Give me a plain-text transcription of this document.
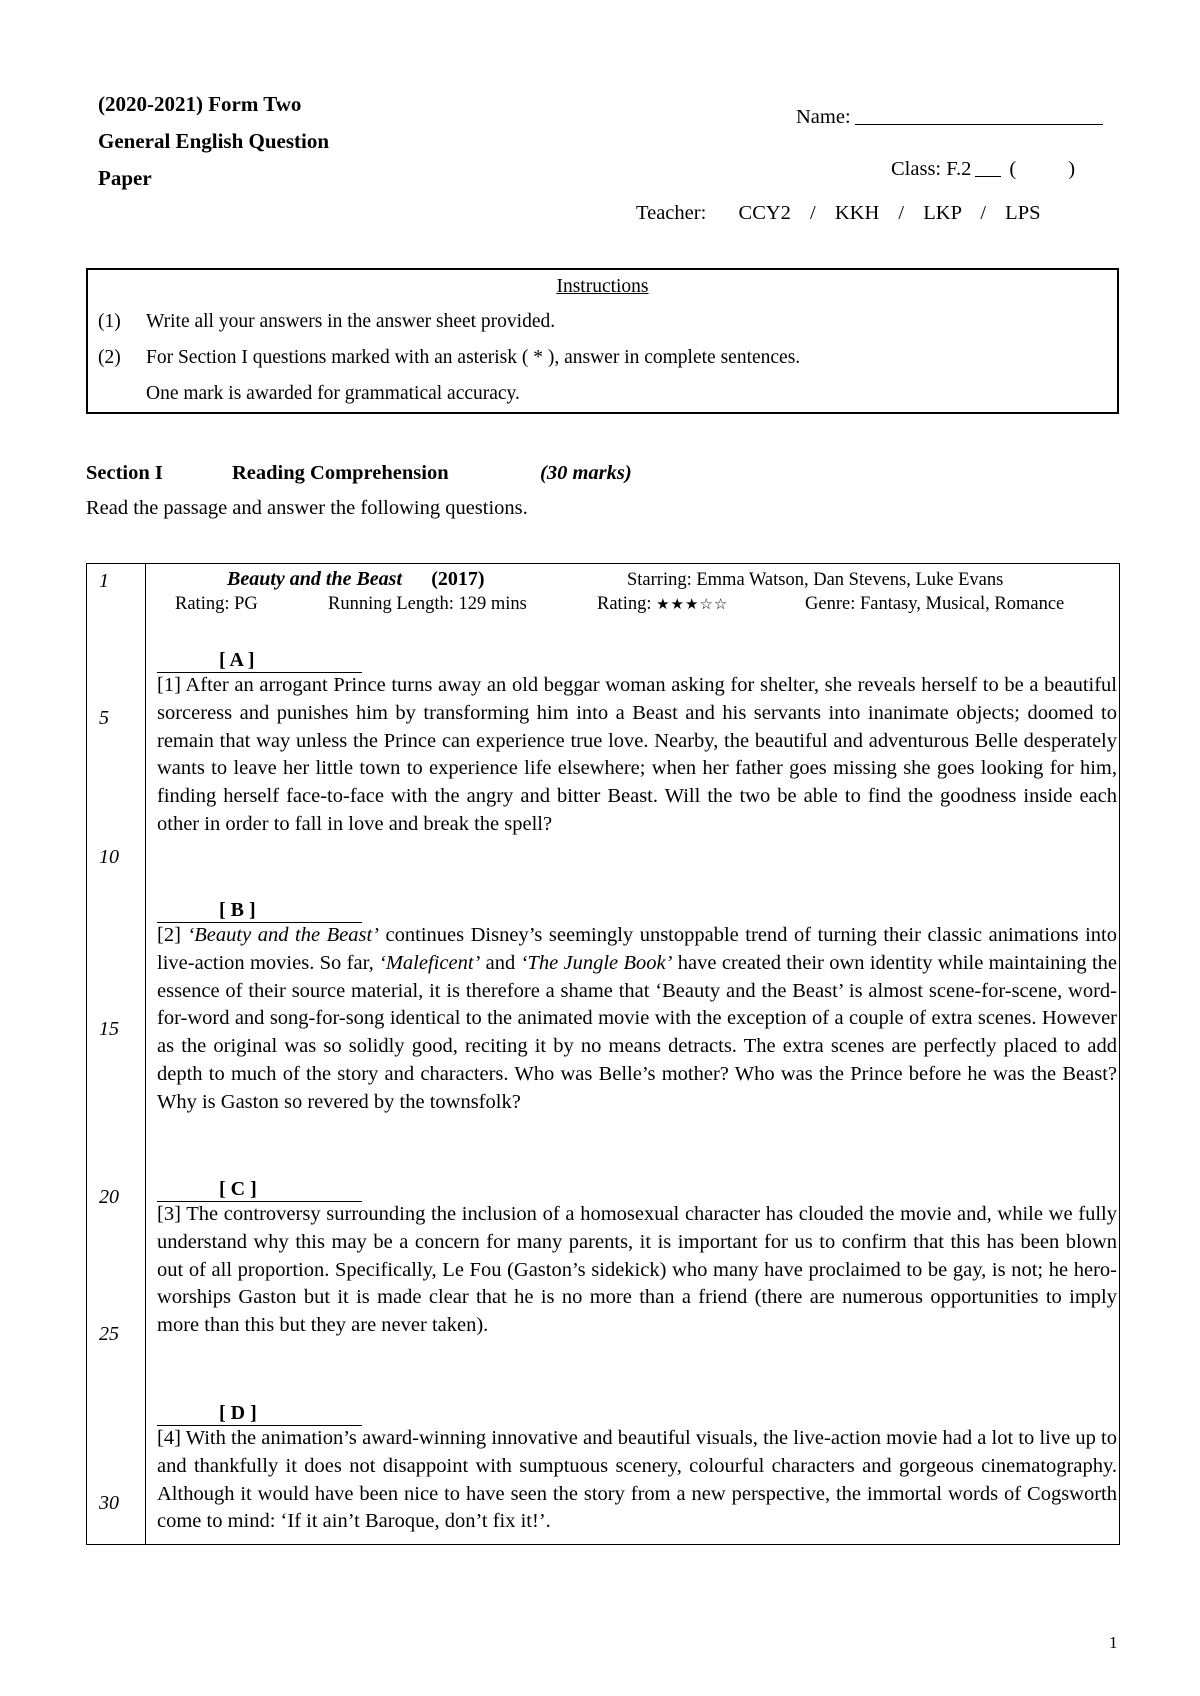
(2020-2021) Form Two
General English Question
Paper
Name:
Class: F.2 (	)
Teacher: CCY2 / KKH / LKP / LPS
Instructions
(1)	Write all your answers in the answer sheet provided.
(2)	For Section I questions marked with an asterisk ( * ), answer in complete sentences.
One mark is awarded for grammatical accuracy.
Section I	Reading Comprehension	(30 marks)
Read the passage and answer the following questions.
1
5
10
15
20
25
30
Beauty and the Beast (2017)	Starring: Emma Watson, Dan Stevens, Luke Evans
Rating: PG	Running Length: 129 mins	Rating: ★★★☆☆	Genre: Fantasy, Musical, Romance
[ A ]

[1] After an arrogant Prince turns away an old beggar woman asking for shelter, she reveals herself to be a beautiful sorceress and punishes him by transforming him into a Beast and his servants into inanimate objects; doomed to remain that way unless the Prince can experience true love. Nearby, the beautiful and adventurous Belle desperately wants to leave her little town to experience life elsewhere; when her father goes missing she goes looking for him, finding herself face-to-face with the angry and bitter Beast. Will the two be able to find the goodness inside each other in order to fall in love and break the spell?

[ B ]

[2] ‘Beauty and the Beast’ continues Disney’s seemingly unstoppable trend of turning their classic animations into live-action movies. So far, ‘Maleficent’ and ‘The Jungle Book’ have created their own identity while maintaining the essence of their source material, it is therefore a shame that ‘Beauty and the Beast’ is almost scene-for-scene, word-for-word and song-for-song identical to the animated movie with the exception of a couple of extra scenes. However as the original was so solidly good, reciting it by no means detracts. The extra scenes are perfectly placed to add depth to much of the story and characters. Who was Belle’s mother? Who was the Prince before he was the Beast? Why is Gaston so revered by the townsfolk?

[ C ]

[3] The controversy surrounding the inclusion of a homosexual character has clouded the movie and, while we fully understand why this may be a concern for many parents, it is important for us to confirm that this has been blown out of all proportion. Specifically, Le Fou (Gaston’s sidekick) who many have proclaimed to be gay, is not; he hero-worships Gaston but it is made clear that he is no more than a friend (there are numerous opportunities to imply more than this but they are never taken).

[ D ]

[4] With the animation’s award-winning innovative and beautiful visuals, the live-action movie had a lot to live up to and thankfully it does not disappoint with sumptuous scenery, colourful characters and gorgeous cinematography. Although it would have been nice to have seen the story from a new perspective, the immortal words of Cogsworth come to mind: ‘If it ain’t Baroque, don’t fix it!’.

1
